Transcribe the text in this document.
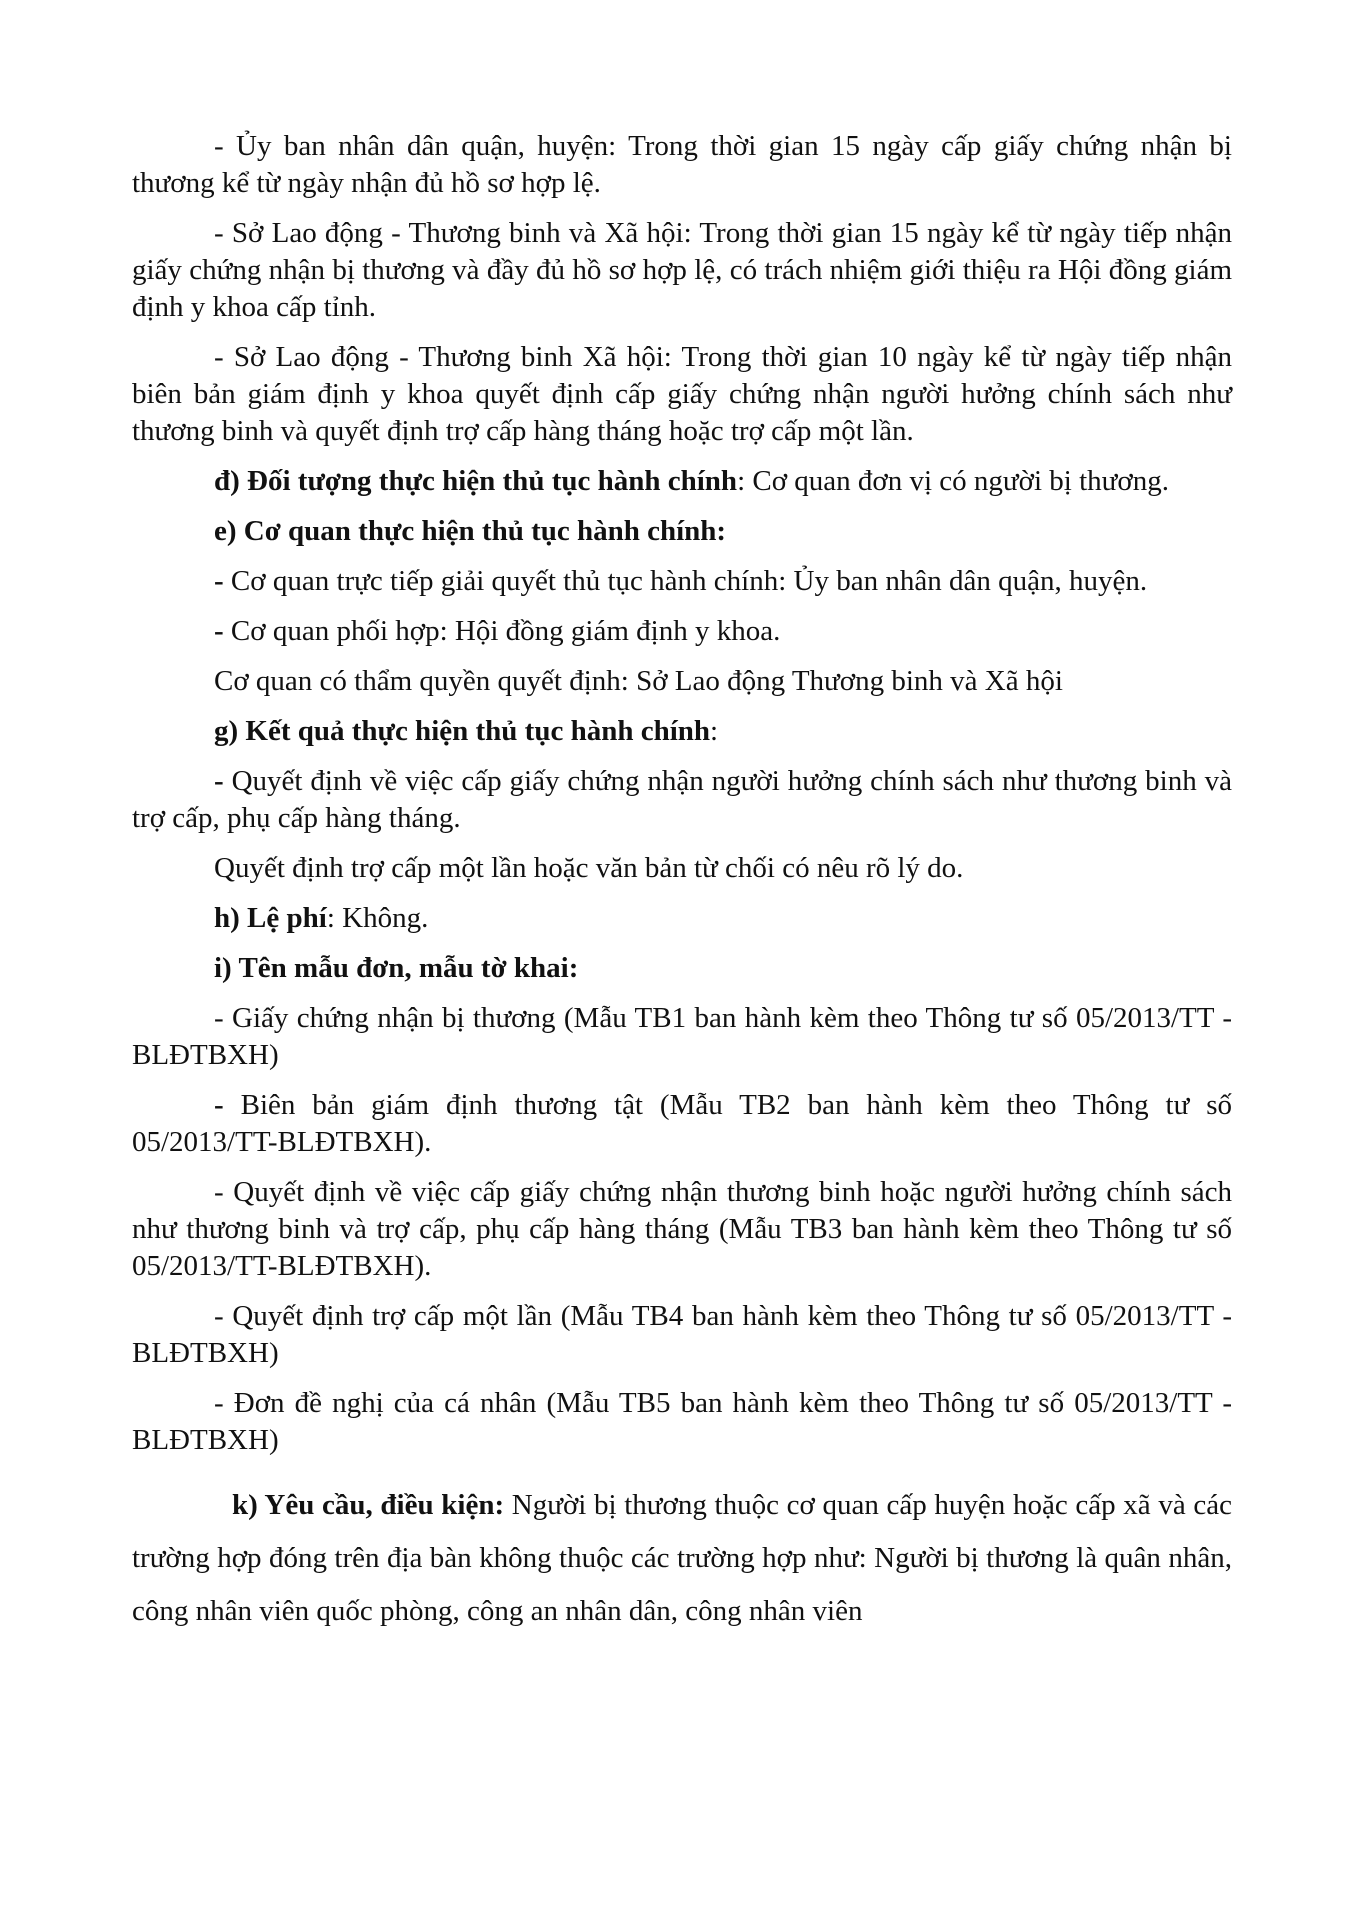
- Ủy ban nhân dân quận, huyện: Trong thời gian 15 ngày cấp giấy chứng nhận bị thương kể từ ngày nhận đủ hồ sơ hợp lệ.

- Sở Lao động - Thương binh và Xã hội: Trong thời gian 15 ngày kể từ ngày tiếp nhận giấy chứng nhận bị thương và đầy đủ hồ sơ hợp lệ, có trách nhiệm giới thiệu ra Hội đồng giám định y khoa cấp tỉnh.

- Sở Lao động - Thương binh Xã hội: Trong thời gian 10 ngày kể từ ngày tiếp nhận biên bản giám định y khoa quyết định cấp giấy chứng nhận người hưởng chính sách như thương binh và quyết định trợ cấp hàng tháng hoặc trợ cấp một lần.

đ) Đối tượng thực hiện thủ tục hành chính: Cơ quan đơn vị có người bị thương.

e) Cơ quan thực hiện thủ tục hành chính:

- Cơ quan trực tiếp giải quyết thủ tục hành chính: Ủy ban nhân dân quận, huyện.

- Cơ quan phối hợp: Hội đồng giám định y khoa.

Cơ quan có thẩm quyền quyết định: Sở Lao động Thương binh và Xã hội

g) Kết quả thực hiện thủ tục hành chính:

- Quyết định về việc cấp giấy chứng nhận người hưởng chính sách như thương binh và trợ cấp, phụ cấp hàng tháng.

Quyết định trợ cấp một lần hoặc văn bản từ chối có nêu rõ lý do.

h) Lệ phí: Không.

i) Tên mẫu đơn, mẫu tờ khai:

- Giấy chứng nhận bị thương (Mẫu TB1 ban hành kèm theo Thông tư số 05/2013/TT -BLĐTBXH)

- Biên bản giám định thương tật (Mẫu TB2 ban hành kèm theo Thông tư số 05/2013/TT-BLĐTBXH).

- Quyết định về việc cấp giấy chứng nhận thương binh hoặc người hưởng chính sách như thương binh và trợ cấp, phụ cấp hàng tháng (Mẫu TB3 ban hành kèm theo Thông tư số 05/2013/TT-BLĐTBXH).

- Quyết định trợ cấp một lần (Mẫu TB4 ban hành kèm theo Thông tư số 05/2013/TT -BLĐTBXH)

- Đơn đề nghị của cá nhân (Mẫu TB5 ban hành kèm theo Thông tư số 05/2013/TT -BLĐTBXH)

k) Yêu cầu, điều kiện: Người bị thương thuộc cơ quan cấp huyện hoặc cấp xã và các trường hợp đóng trên địa bàn không thuộc các trường hợp như: Người bị thương là quân nhân, công nhân viên quốc phòng, công an nhân dân, công nhân viên
